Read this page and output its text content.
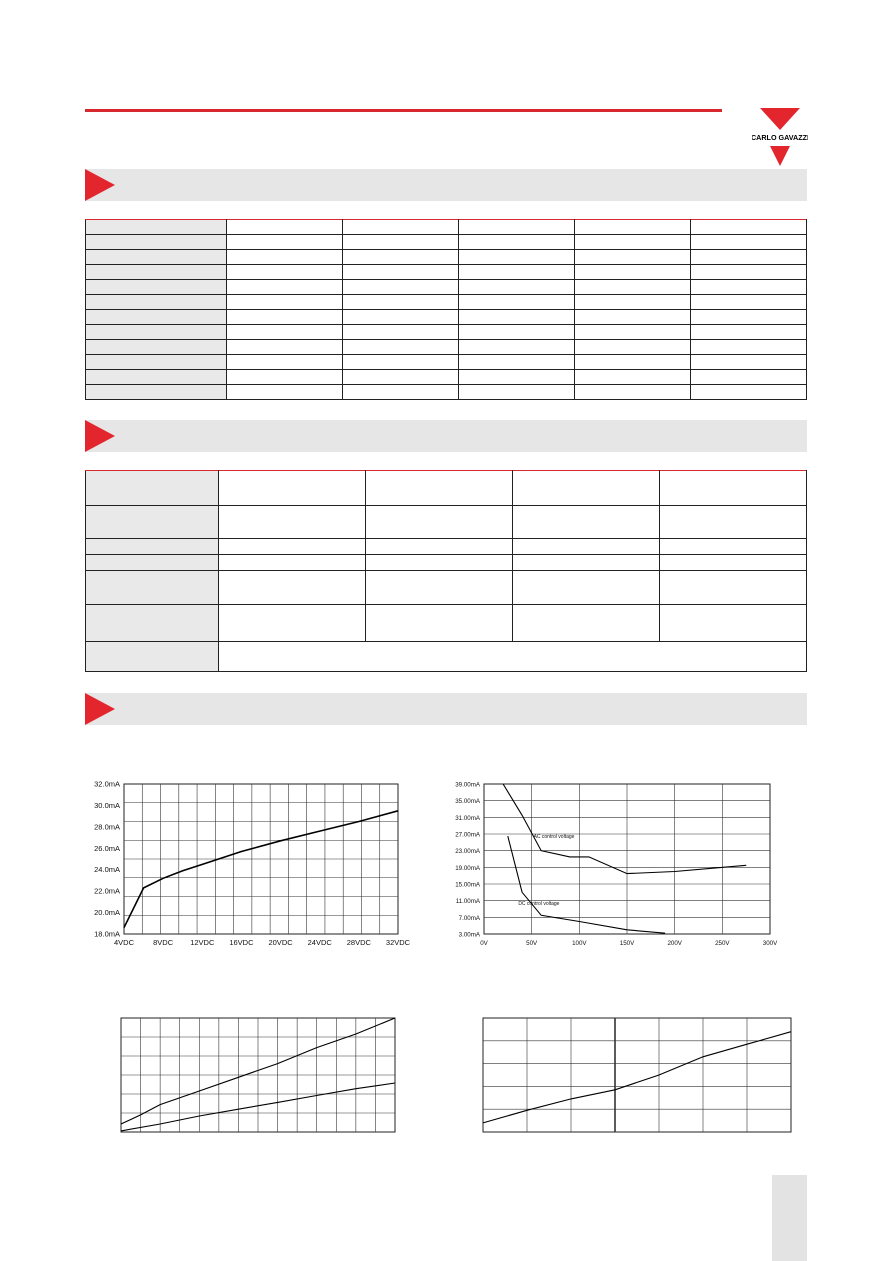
CARLO GAVAZZI

18.0mA
20.0mA
22.0mA
24.0mA
26.0mA
28.0mA
30.0mA
32.0mA
4VDC	8VDC 12VDC 16VDC 20VDC 24VDC 28VDC 32VDC
3.00mA
7.00mA
11.00mA
15.00mA
19.00mA
23.00mA
27.00mA
31.00mA
35.00mA
39.00mA
0V	50V	100V	150V	200V	250V	300V
AC control voltage
DC control voltage
